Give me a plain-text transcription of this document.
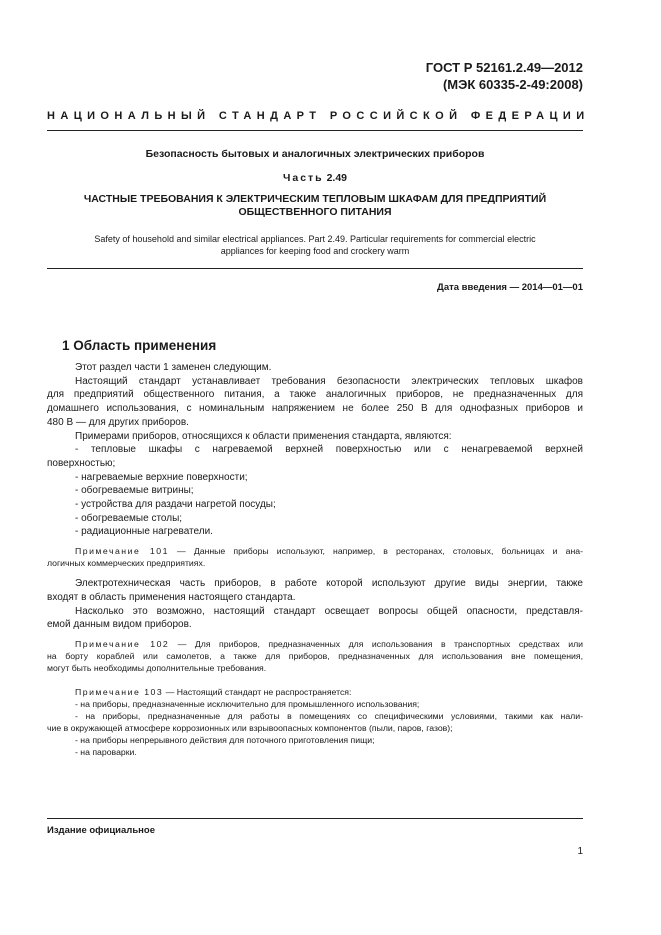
ГОСТ Р 52161.2.49—2012
(МЭК 60335-2-49:2008)
НАЦИОНАЛЬНЫЙ СТАНДАРТ РОССИЙСКОЙ ФЕДЕРАЦИИ
Безопасность бытовых и аналогичных электрических приборов
Часть 2.49
ЧАСТНЫЕ ТРЕБОВАНИЯ К ЭЛЕКТРИЧЕСКИМ ТЕПЛОВЫМ ШКАФАМ ДЛЯ ПРЕДПРИЯТИЙ
ОБЩЕСТВЕННОГО ПИТАНИЯ
Safety of household and similar electrical appliances. Part 2.49. Particular requirements for commercial electric
appliances for keeping food and crockery warm
Дата введения — 2014—01—01
1 Область применения
Этот раздел части 1 заменен следующим.
Настоящий стандарт устанавливает требования безопасности электрических тепловых шкафов
для предприятий общественного питания, а также аналогичных приборов, не предназначенных для
домашнего использования, с номинальным напряжением не более 250 В для однофазных приборов и
480 В — для других приборов.
Примерами приборов, относящихся к области применения стандарта, являются:
- тепловые шкафы с нагреваемой верхней поверхностью или с ненагреваемой верхней
поверхностью;
- нагреваемые верхние поверхности;
- обогреваемые витрины;
- устройства для раздачи нагретой посуды;
- обогреваемые столы;
- радиационные нагреватели.
Примечание 101 — Данные приборы используют, например, в ресторанах, столовых, больницах и ана-
логичных коммерческих предприятиях.
Электротехническая часть приборов, в работе которой используют другие виды энергии, также
входят в область применения настоящего стандарта.
Насколько это возможно, настоящий стандарт освещает вопросы общей опасности, представля-
емой данным видом приборов.
Примечание 102 — Для приборов, предназначенных для использования в транспортных средствах или
на борту кораблей или самолетов, а также для приборов, предназначенных для использования вне помещения,
могут быть необходимы дополнительные требования.
Примечание 103 — Настоящий стандарт не распространяется:
- на приборы, предназначенные исключительно для промышленного использования;
- на приборы, предназначенные для работы в помещениях со специфическими условиями, такими как нали-
чие в окружающей атмосфере коррозионных или взрывоопасных компонентов (пыли, паров, газов);
- на приборы непрерывного действия для поточного приготовления пищи;
- на пароварки.
Издание официальное
1
